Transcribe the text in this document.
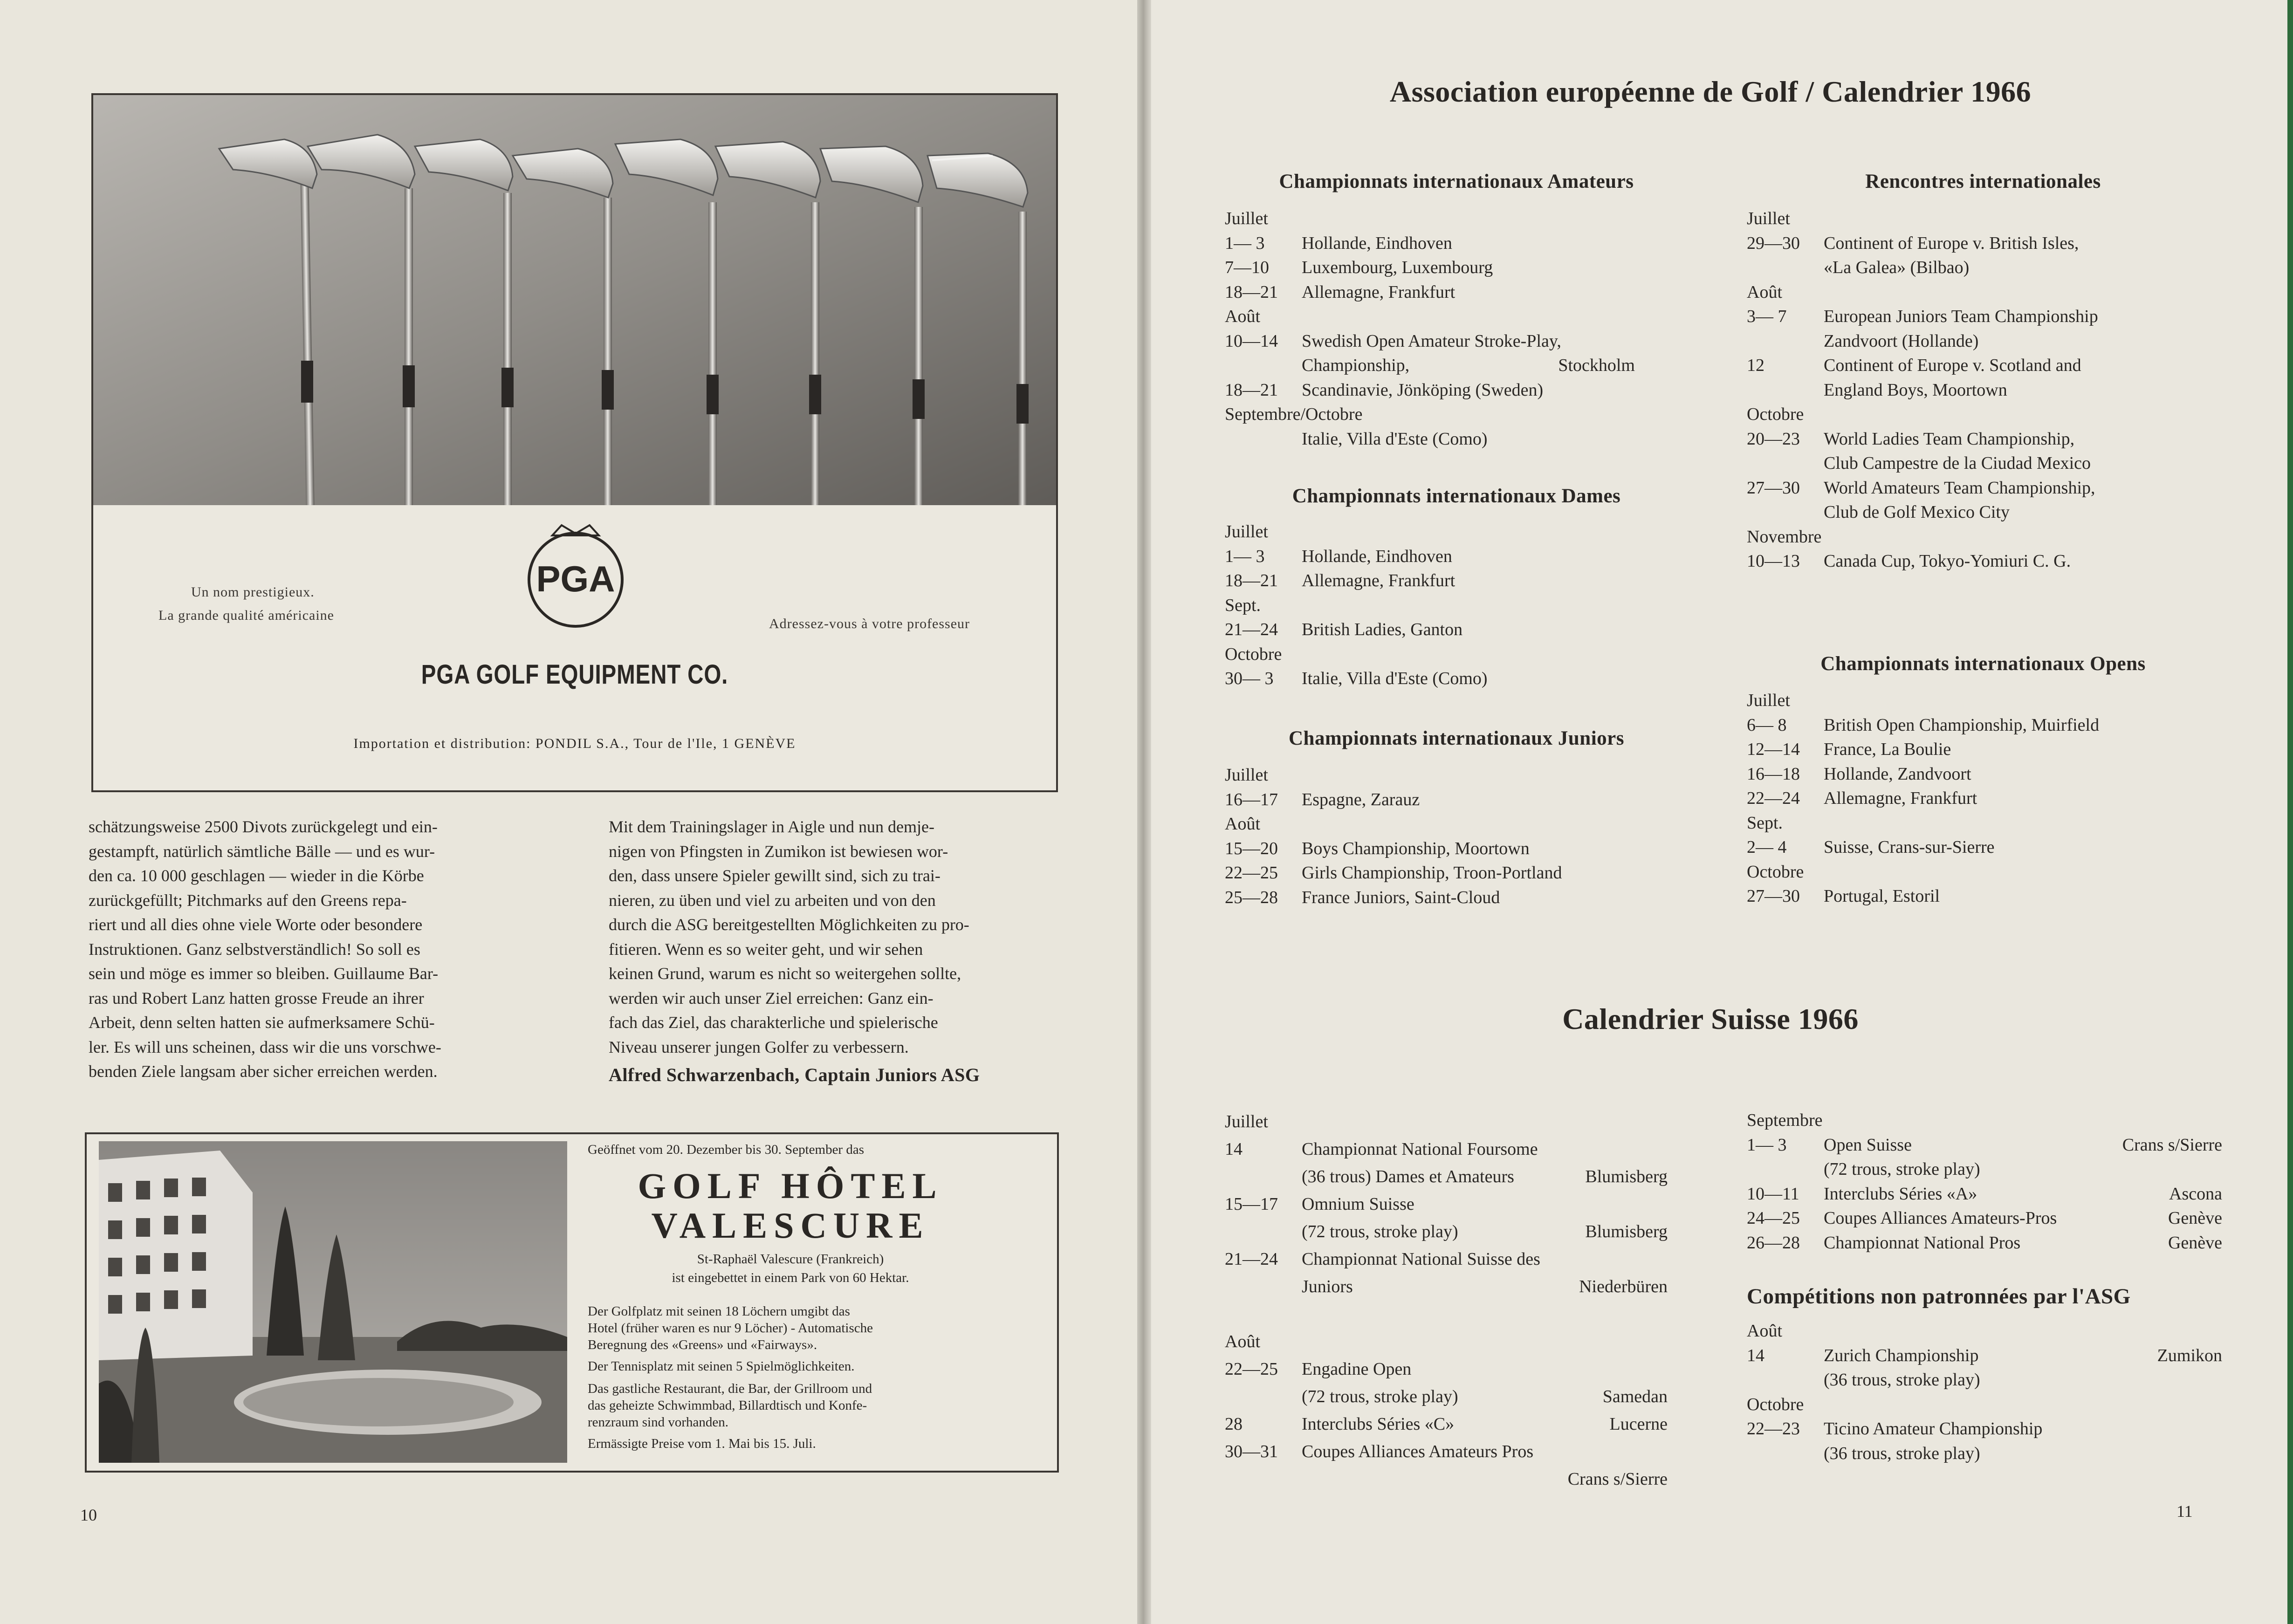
Un nom prestigieux.
La grande qualité américaine
PGA
Adressez-vous à votre professeur
PGA GOLF EQUIPMENT CO.
Importation et distribution: PONDIL S.A., Tour de l'Ile, 1 GENÈVE

schätzungsweise 2500 Divots zurückgelegt und ein-

gestampft, natürlich sämtliche Bälle — und es wur-

den ca. 10 000 geschlagen — wieder in die Körbe

zurückgefüllt; Pitchmarks auf den Greens repa-

riert und all dies ohne viele Worte oder besondere

Instruktionen. Ganz selbstverständlich! So soll es

sein und möge es immer so bleiben. Guillaume Bar-

ras und Robert Lanz hatten grosse Freude an ihrer

Arbeit, denn selten hatten sie aufmerksamere Schü-

ler. Es will uns scheinen, dass wir die uns vorschwe-

benden Ziele langsam aber sicher erreichen werden.

Mit dem Trainingslager in Aigle und nun demje-

nigen von Pfingsten in Zumikon ist bewiesen wor-

den, dass unsere Spieler gewillt sind, sich zu trai-

nieren, zu üben und viel zu arbeiten und von den

durch die ASG bereitgestellten Möglichkeiten zu pro-

fitieren. Wenn es so weiter geht, und wir sehen

keinen Grund, warum es nicht so weitergehen sollte,

werden wir auch unser Ziel erreichen: Ganz ein-

fach das Ziel, das charakterliche und spielerische

Niveau unserer jungen Golfer zu verbessern.

Alfred Schwarzenbach, Captain Juniors ASG
Geöffnet vom 20. Dezember bis 30. September das
GOLF HÔTEL
VALESCURE
St-Raphaël Valescure (Frankreich)
ist eingebettet in einem Park von 60 Hektar.
Der Golfplatz mit seinen 18 Löchern umgibt das
Hotel (früher waren es nur 9 Löcher) - Automatische
Beregnung des «Greens» und «Fairways».
Der Tennisplatz mit seinen 5 Spielmöglichkeiten.
Das gastliche Restaurant, die Bar, der Grillroom und
das geheizte Schwimmbad, Billardtisch und Konfe-
renzraum sind vorhanden.
Ermässigte Preise vom 1. Mai bis 15. Juli.
10
Association européenne de Golf / Calendrier 1966
Championnats internationaux Amateurs
Juillet
1— 3	Hollande, Eindhoven
7—10	Luxembourg, Luxembourg
18—21	Allemagne, Frankfurt
Août
10—14	Swedish Open Amateur Stroke-Play,
Championship,	Stockholm
18—21	Scandinavie, Jönköping (Sweden)
Septembre/Octobre
Italie, Villa d'Este (Como)
Championnats internationaux Dames
Juillet
1— 3	Hollande, Eindhoven
18—21	Allemagne, Frankfurt
Sept.
21—24	British Ladies, Ganton
Octobre
30— 3	Italie, Villa d'Este (Como)
Championnats internationaux Juniors
Juillet
16—17	Espagne, Zarauz
Août
15—20	Boys Championship, Moortown
22—25	Girls Championship, Troon-Portland
25—28	France Juniors, Saint-Cloud
Rencontres internationales
Juillet
29—30	Continent of Europe v. British Isles,
«La Galea» (Bilbao)
Août
3— 7	European Juniors Team Championship
Zandvoort (Hollande)
12	Continent of Europe v. Scotland and
England Boys, Moortown
Octobre
20—23	World Ladies Team Championship,
Club Campestre de la Ciudad Mexico
27—30	World Amateurs Team Championship,
Club de Golf Mexico City
Novembre
10—13	Canada Cup, Tokyo-Yomiuri C. G.
Championnats internationaux Opens
Juillet
6— 8	British Open Championship, Muirfield
12—14	France, La Boulie
16—18	Hollande, Zandvoort
22—24	Allemagne, Frankfurt
Sept.
2— 4	Suisse, Crans-sur-Sierre
Octobre
27—30	Portugal, Estoril
Calendrier Suisse 1966
Juillet
14	Championnat National Foursome
(36 trous) Dames et Amateurs	Blumisberg
15—17	Omnium Suisse
(72 trous, stroke play)	Blumisberg
21—24	Championnat National Suisse des
Juniors	Niederbüren
Août
22—25	Engadine Open
(72 trous, stroke play)	Samedan
28	Interclubs Séries «C»	Lucerne
30—31	Coupes Alliances Amateurs Pros
Crans s/Sierre
Septembre
1— 3	Open Suisse	Crans s/Sierre
(72 trous, stroke play)
10—11	Interclubs Séries «A»	Ascona
24—25	Coupes Alliances Amateurs-Pros	Genève
26—28	Championnat National Pros	Genève
Compétitions non patronnées par l'ASG
Août
14	Zurich Championship	Zumikon
(36 trous, stroke play)
Octobre
22—23	Ticino Amateur Championship
(36 trous, stroke play)
11
